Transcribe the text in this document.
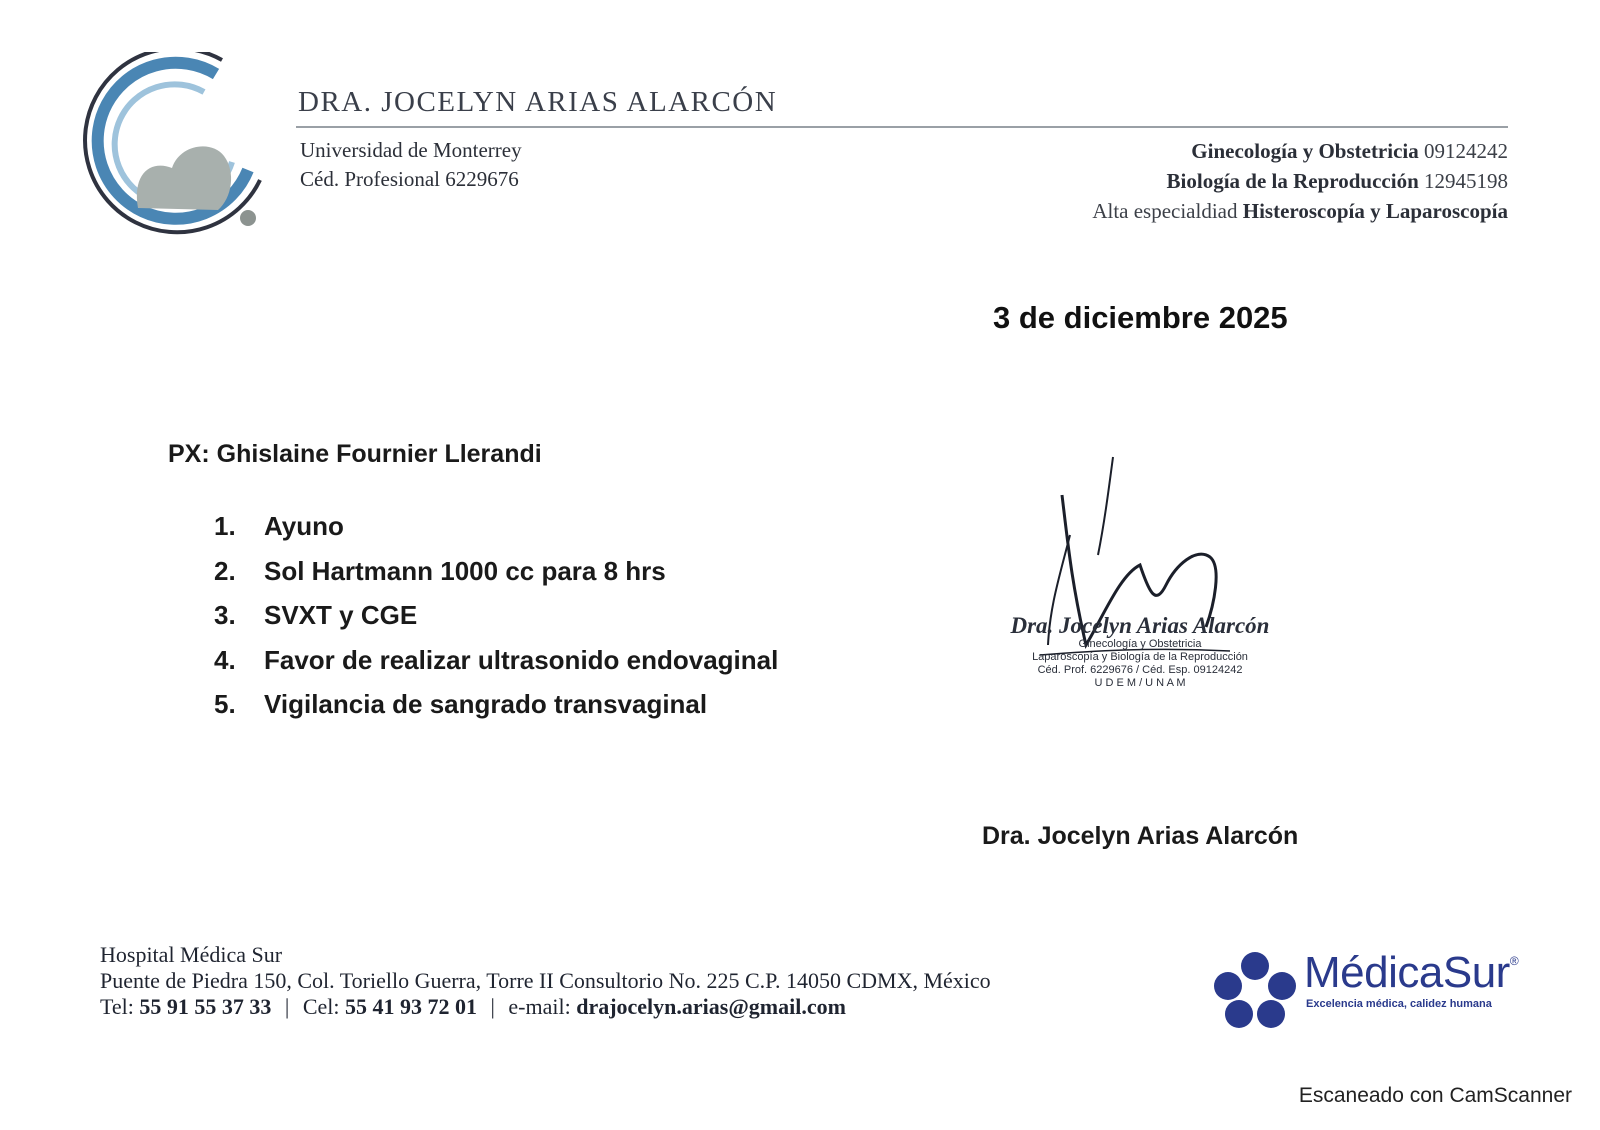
DRA. JOCELYN ARIAS ALARCÓN
Universidad de Monterrey
Céd. Profesional 6229676
Ginecología y Obstetricia 09124242
Biología de la Reproducción 12945198
Alta especialdiad Histeroscopía y Laparoscopía
3 de diciembre 2025
PX: Ghislaine Fournier Llerandi
1. Ayuno
2. Sol Hartmann 1000 cc para 8 hrs
3. SVXT y CGE
4. Favor de realizar ultrasonido endovaginal
5. Vigilancia de sangrado transvaginal
Dra. Jocelyn Arias Alarcón
Ginecología y Obstetricia
Laparoscopía y Biología de la Reproducción
Céd. Prof. 6229676 / Céd. Esp. 09124242
U D E M / U N A M
Dra. Jocelyn Arias Alarcón
Hospital Médica Sur
Puente de Piedra 150, Col. Toriello Guerra, Torre II Consultorio No. 225 C.P. 14050 CDMX, México
Tel: 55 91 55 37 33 | Cel: 55 41 93 72 01 | e-mail: drajocelyn.arias@gmail.com
MédicaSur®
Excelencia médica, calidez humana
Escaneado con CamScanner
